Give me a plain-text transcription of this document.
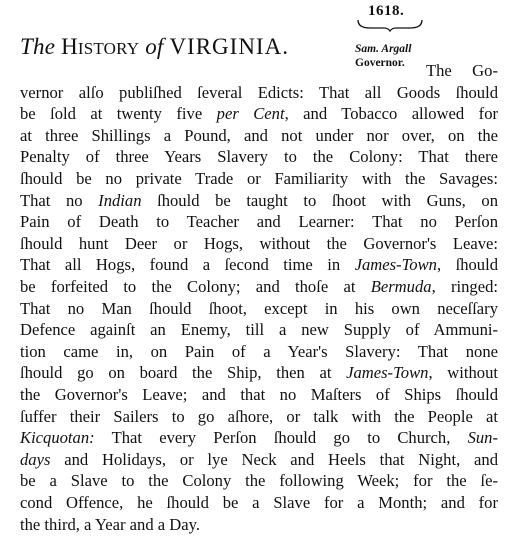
1618.
The HISTORY of VIRGINIA.	Sam. Argall
Governor.	The Go-
vernor alſo publiſhed ſeveral Edicts: That all Goods ſhould
be ſold at twenty five per Cent, and Tobacco allowed for
at three Shillings a Pound, and not under nor over, on the
Penalty of three Years Slavery to the Colony: That there
ſhould be no private Trade or Familiarity with the Savages:
That no Indian ſhould be taught to ſhoot with Guns, on
Pain of Death to Teacher and Learner: That no Perſon
ſhould hunt Deer or Hogs, without the Governor's Leave:
That all Hogs, found a ſecond time in James-Town, ſhould
be forfeited to the Colony; and thoſe at Bermuda, ringed:
That no Man ſhould ſhoot, except in his own neceſſary
Defence againſt an Enemy, till a new Supply of Ammuni-
tion came in, on Pain of a Year's Slavery: That none
ſhould go on board the Ship, then at James-Town, without
the Governor's Leave; and that no Maſters of Ships ſhould
ſuffer their Sailers to go aſhore, or talk with the People at
Kicquotan: That every Perſon ſhould go to Church, Sun-
days and Holidays, or lye Neck and Heels that Night, and
be a Slave to the Colony the following Week; for the ſe-
cond Offence, he ſhould be a Slave for a Month; and for
the third, a Year and a Day.
